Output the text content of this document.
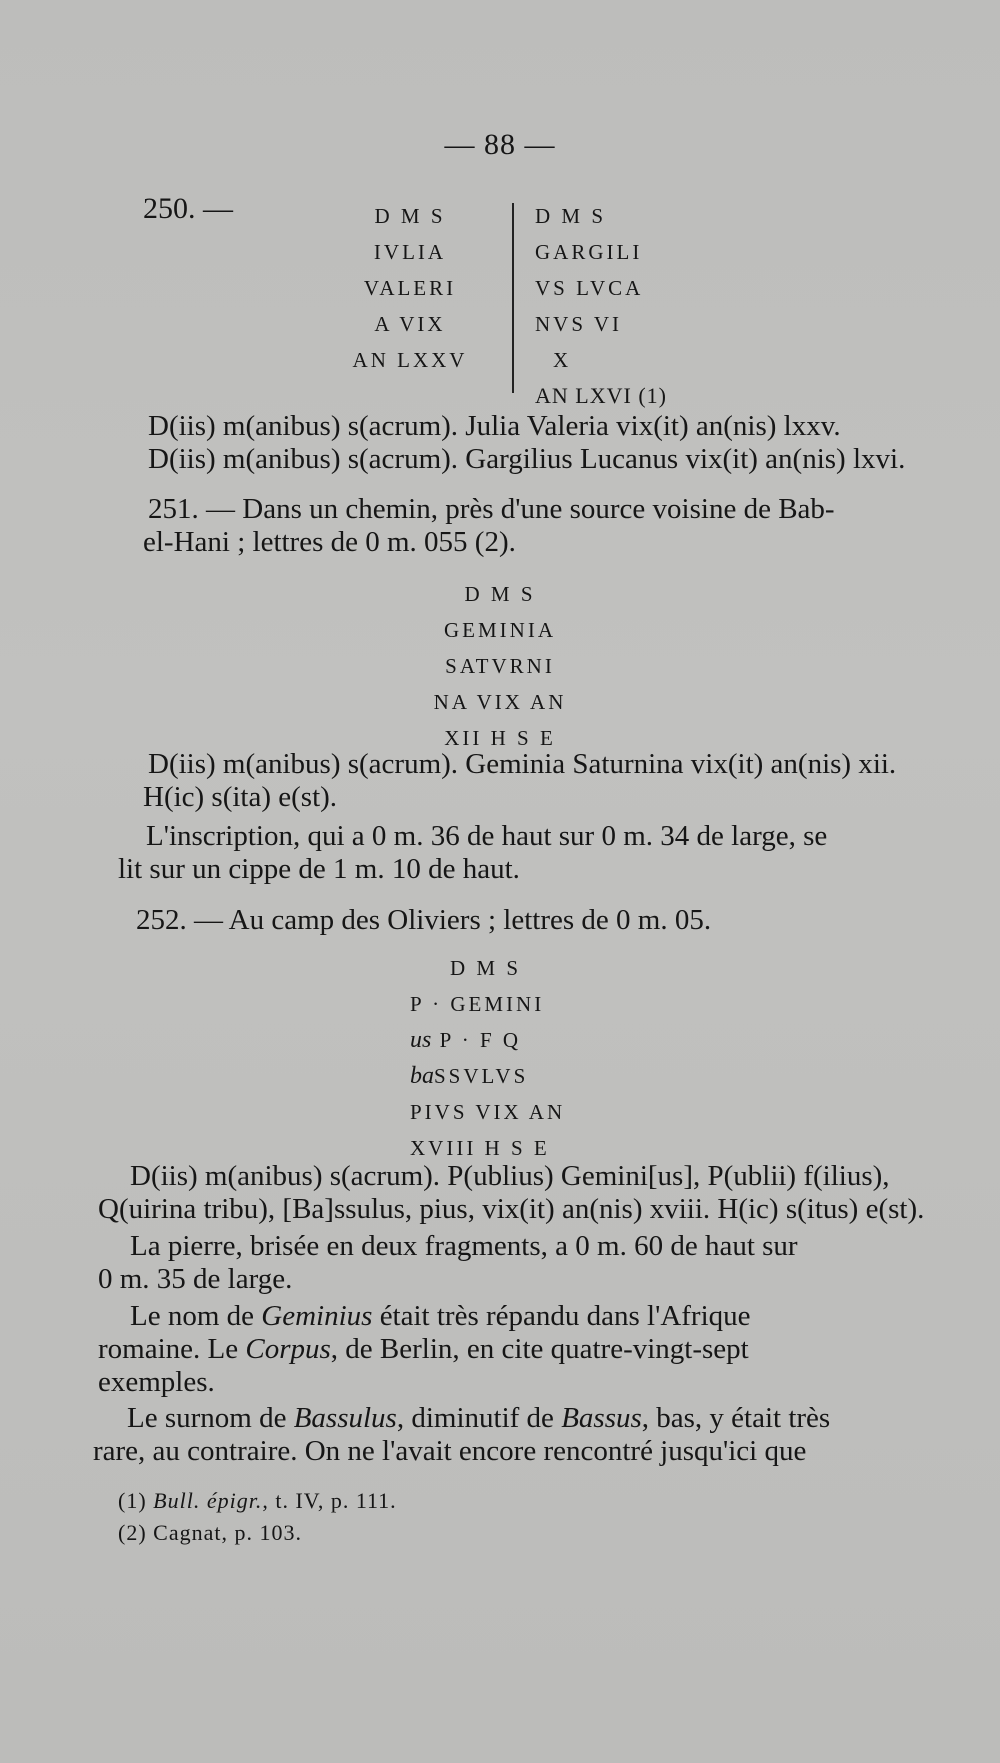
— 88 —
250. —	D M S
IVLIA
VALERI
A VIX
AN LXXV
D M S
GARGILI
VS LVCA
NVS VI
X
AN LXVI (1)

D(iis) m(anibus) s(acrum). Julia Valeria vix(it) an(nis) lxxv.

D(iis) m(anibus) s(acrum). Gargilius Lucanus vix(it) an(nis) lxvi.

251. — Dans un chemin, près d'une source voisine de Bab-

el-Hani ; lettres de 0 m. 055 (2).

D M S
GEMINIA
SATVRNI
NA VIX AN
XII H S E

D(iis) m(anibus) s(acrum). Geminia Saturnina vix(it) an(nis) xii.

H(ic) s(ita) e(st).

L'inscription, qui a 0 m. 36 de haut sur 0 m. 34 de large, se

lit sur un cippe de 1 m. 10 de haut.

252. — Au camp des Oliviers ; lettres de 0 m. 05.
D M S
P · GEMINI
us P · F Q
baSSVLVS
PIVS VIX AN
XVIII H S E

D(iis) m(anibus) s(acrum). P(ublius) Gemini[us], P(ublii) f(ilius),

Q(uirina tribu), [Ba]ssulus, pius, vix(it) an(nis) xviii. H(ic) s(itus) e(st).

La pierre, brisée en deux fragments, a 0 m. 60 de haut sur

0 m. 35 de large.

Le nom de Geminius était très répandu dans l'Afrique

romaine. Le Corpus, de Berlin, en cite quatre-vingt-sept

exemples.

Le surnom de Bassulus, diminutif de Bassus, bas, y était très

rare, au contraire. On ne l'avait encore rencontré jusqu'ici que

(1) Bull. épigr., t. IV, p. 111.
(2) Cagnat, p. 103.
